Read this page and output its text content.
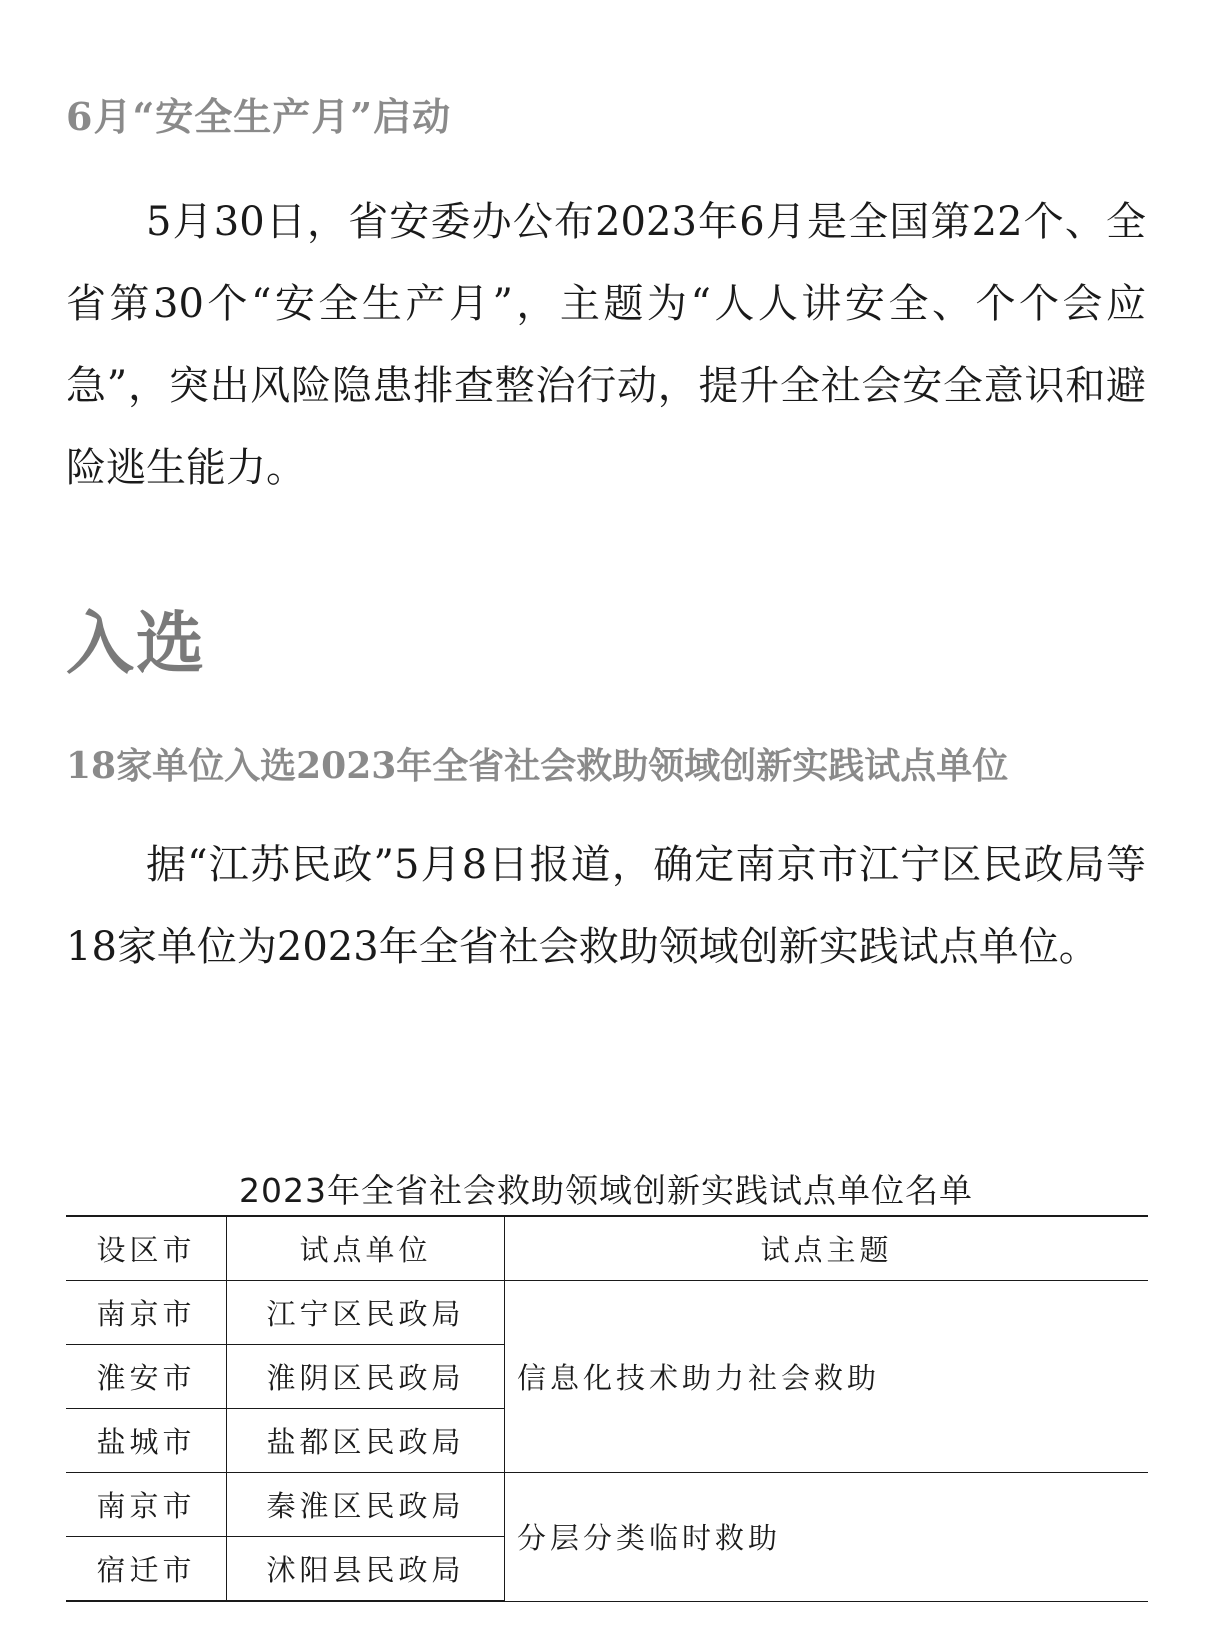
6月“安全生产月”启动

5月30日，省安委办公布2023年6月是全国第22个、全省第30个“安全生产月”，主题为“人人讲安全、个个会应急”，突出风险隐患排查整治行动，提升全社会安全意识和避险逃生能力。

入选
18家单位入选2023年全省社会救助领域创新实践试点单位

据“江苏民政”5月8日报道，确定南京市江宁区民政局等18家单位为2023年全省社会救助领域创新实践试点单位。

2023年全省社会救助领域创新实践试点单位名单
设区市	试点单位	试点主题
南京市	江宁区民政局	信息化技术助力社会救助
淮安市	淮阴区民政局	
盐城市	盐都区民政局	
南京市	秦淮区民政局	分层分类临时救助
宿迁市	沭阳县民政局	
